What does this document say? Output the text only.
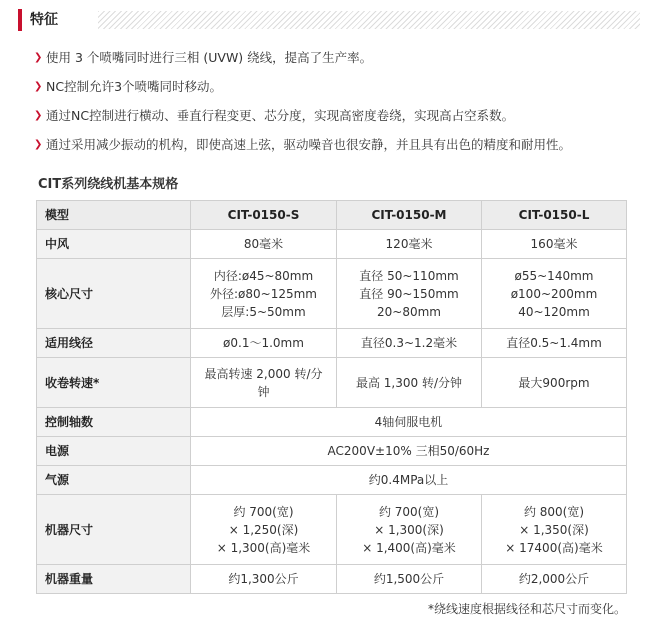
特征
❯ 使用 3 个喷嘴同时进行三相 (UVW) 绕线，提高了生产率。
❯ NC控制允许3个喷嘴同时移动。
❯ 通过NC控制进行横动、垂直行程变更、芯分度，实现高密度卷绕，实现高占空系数。
❯ 通过采用减少振动的机构，即使高速上弦，驱动噪音也很安静，并且具有出色的精度和耐用性。
CIT系列绕线机基本规格
模型	CIT-0150-S	CIT-0150-M	CIT-0150-L
中风	80毫米	120毫米	160毫米
核心尺寸	内径:ø45~80mm
外径:ø80~125mm
层厚:5~50mm	直径 50~110mm
直径 90~150mm
20~80mm	ø55~140mm
ø100~200mm
40~120mm

适用线径	ø0.1～1.0mm	直径0.3~1.2毫米	直径0.5~1.4mm
收卷转速*	最高转速 2,000 转/分
钟	最高 1,300 转/分钟	最大900rpm
控制轴数	4轴伺服电机		
电源	AC200V±10% 三相50/60Hz		
气源	约0.4MPa以上		
机器尺寸	约 700(宽)
× 1,250(深)
× 1,300(高)毫米	约 700(宽)
× 1,300(深)
× 1,400(高)毫米	约 800(宽)
× 1,350(深)
× 17400(高)毫米

机器重量	约1,300公斤	约1,500公斤	约2,000公斤
*绕线速度根据线径和芯尺寸而变化。
